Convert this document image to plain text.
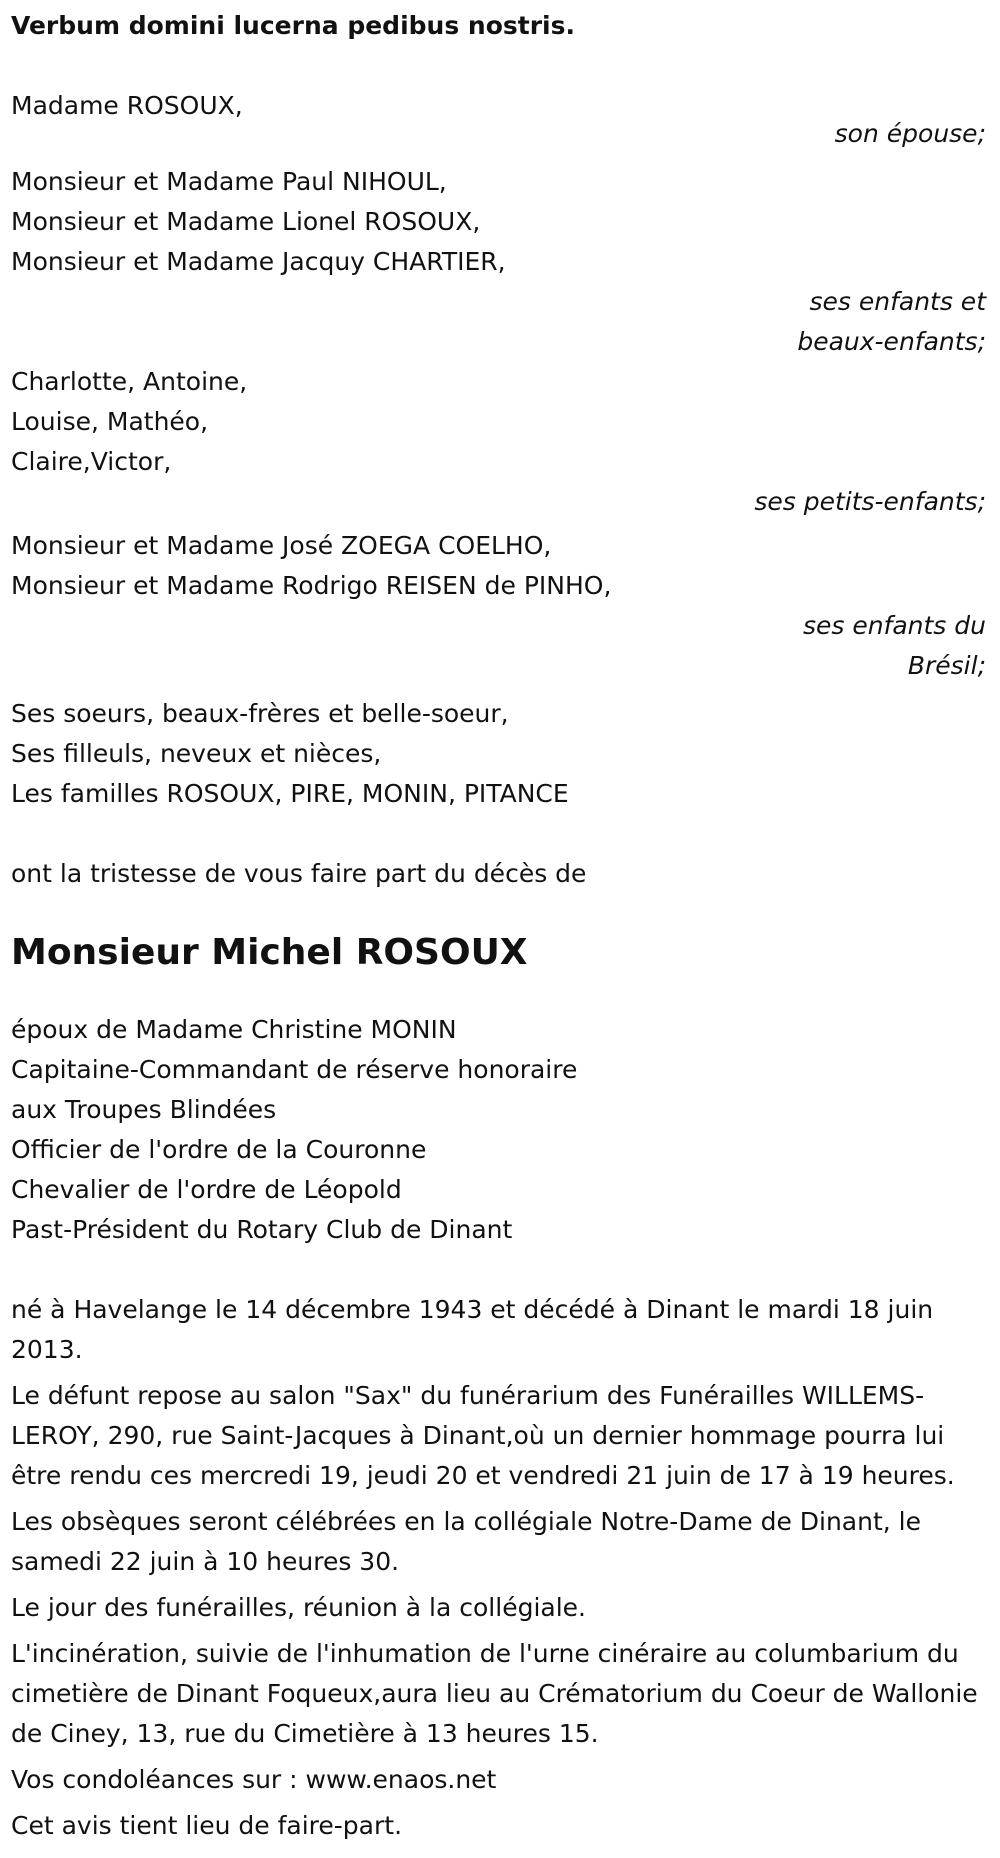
Verbum domini lucerna pedibus nostris.

Madame ROSOUX,
son épouse;
Monsieur et Madame Paul NIHOUL,
Monsieur et Madame Lionel ROSOUX,
Monsieur et Madame Jacquy CHARTIER,
ses enfants et
beaux-enfants;
Charlotte, Antoine,
Louise, Mathéo,
Claire,Victor,
ses petits-enfants;
Monsieur et Madame José ZOEGA COELHO,
Monsieur et Madame Rodrigo REISEN de PINHO,
ses enfants du
Brésil;
Ses soeurs, beaux-frères et belle-soeur,
Ses filleuls, neveux et nièces,
Les familles ROSOUX, PIRE, MONIN, PITANCE
ont la tristesse de vous faire part du décès de
Monsieur Michel ROSOUX
époux de Madame Christine MONIN
Capitaine-Commandant de réserve honoraire
aux Troupes Blindées
Officier de l'ordre de la Couronne
Chevalier de l'ordre de Léopold
Past-Président du Rotary Club de Dinant

né à Havelange le 14 décembre 1943 et décédé à Dinant le mardi 18 juin 2013.

Le défunt repose au salon "Sax" du funérarium des Funérailles WILLEMS-LEROY, 290, rue Saint-Jacques à Dinant,où un dernier hommage pourra lui être rendu ces mercredi 19, jeudi 20 et vendredi 21 juin de 17 à 19 heures.

Les obsèques seront célébrées en la collégiale Notre-Dame de Dinant, le samedi 22 juin à 10 heures 30.

Le jour des funérailles, réunion à la collégiale.

L'incinération, suivie de l'inhumation de l'urne cinéraire au columbarium du cimetière de Dinant Foqueux,aura lieu au Crématorium du Coeur de Wallonie de Ciney, 13, rue du Cimetière à 13 heures 15.

Vos condoléances sur : www.enaos.net

Cet avis tient lieu de faire-part.
